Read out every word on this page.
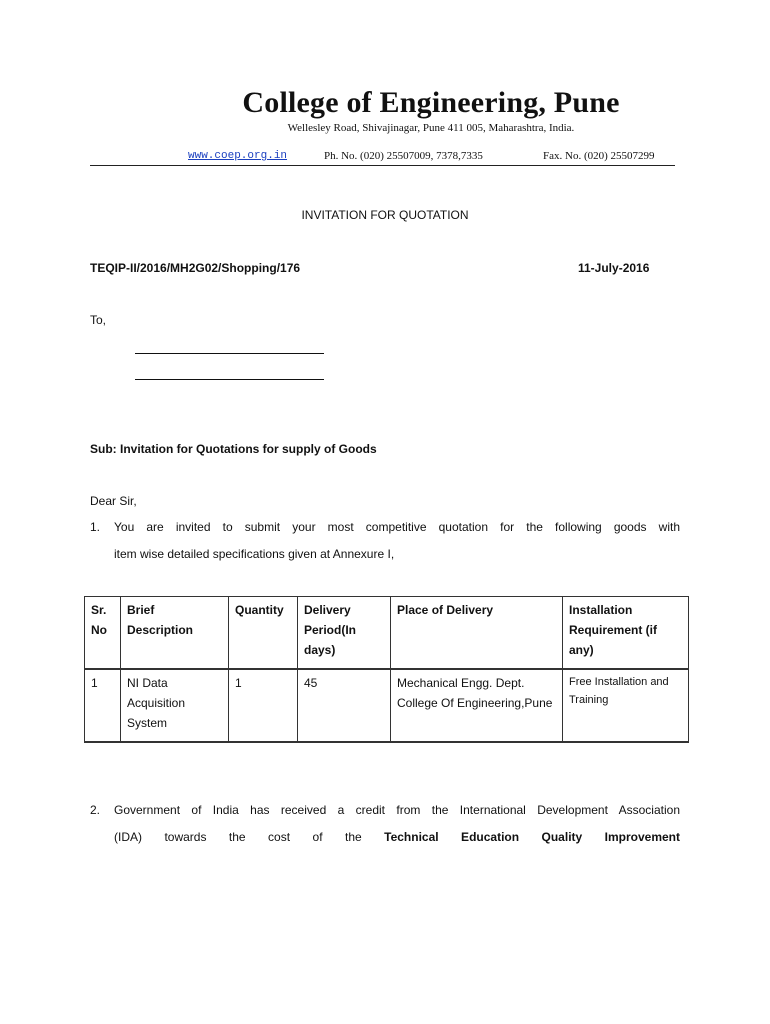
College of Engineering, Pune
Wellesley Road, Shivajinagar, Pune 411 005, Maharashtra, India.
www.coep.org.in	Ph. No. (020) 25507009, 7378,7335	Fax. No. (020) 25507299
INVITATION FOR QUOTATION
TEQIP-II/2016/MH2G02/Shopping/176	11-July-2016
To,
Sub: Invitation for Quotations for supply of Goods
Dear Sir,
1. You are invited to submit your most competitive quotation for the following goods with
item wise detailed specifications given at Annexure I,
Sr. No	Brief Description	Quantity	Delivery Period(In days)	Place of Delivery	Installation Requirement (if any)
1	NI Data Acquisition System	1	45	Mechanical Engg. Dept. College Of Engineering,Pune	Free Installation and Training
2. Government of India has received a credit from the International Development Association
(IDA) towards the cost of the Technical Education Quality Improvement
